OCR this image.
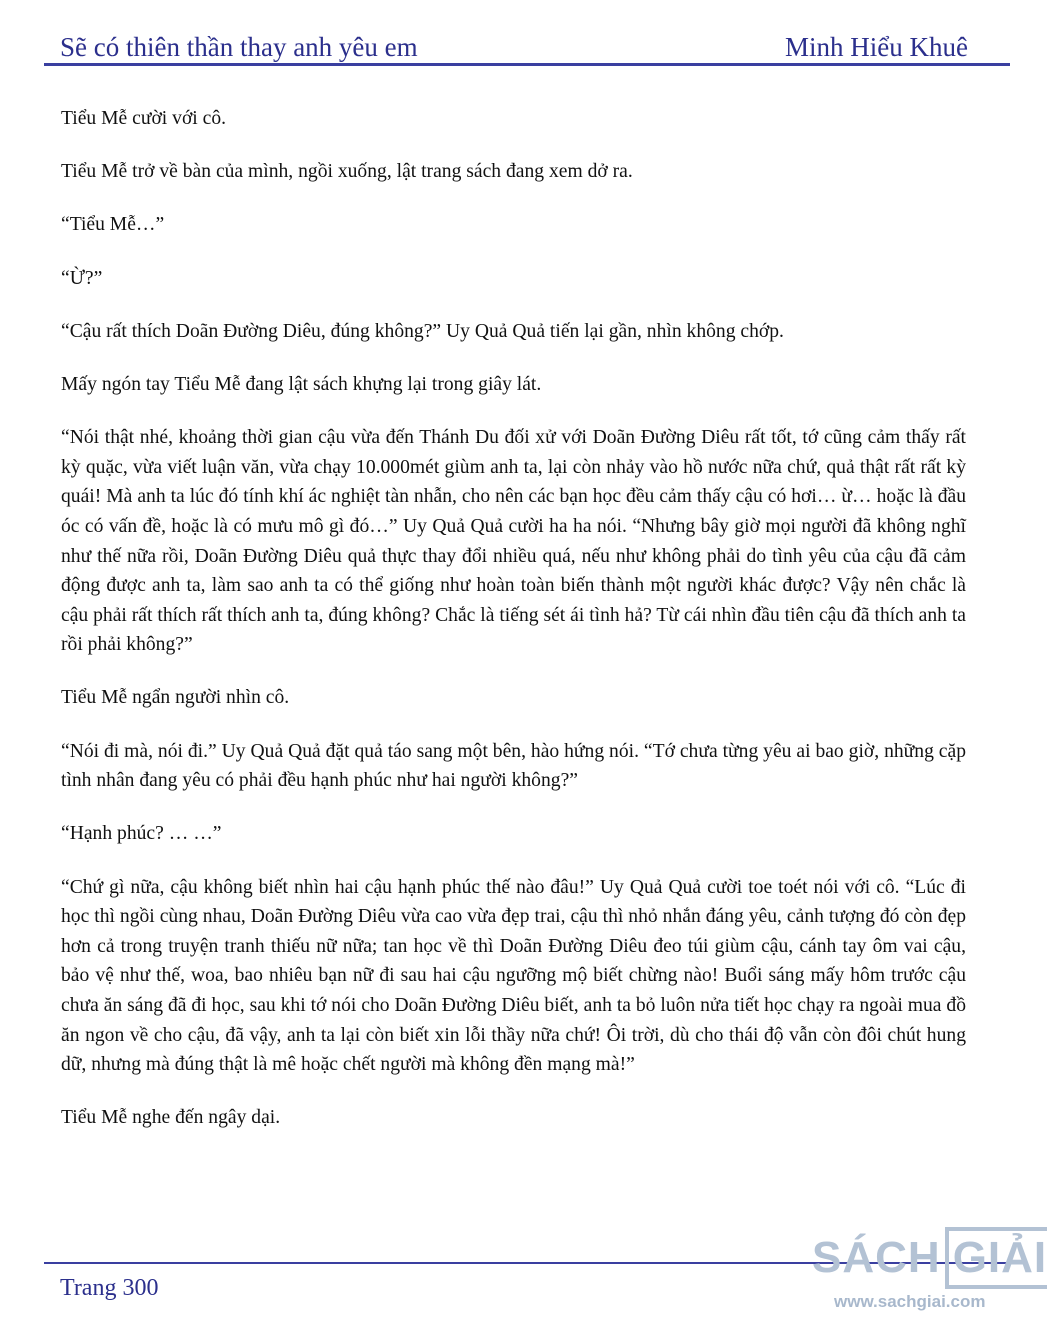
Sẽ có thiên thần thay anh yêu em	Minh Hiểu Khuê

Tiểu Mễ cười với cô.

Tiểu Mễ trở về bàn của mình, ngồi xuống, lật trang sách đang xem dở ra.

“Tiểu Mễ…”

“Ừ?”

“Cậu rất thích Doãn Đường Diêu, đúng không?” Uy Quả Quả tiến lại gần, nhìn không chớp.

Mấy ngón tay Tiểu Mễ đang lật sách khựng lại trong giây lát.

“Nói thật nhé, khoảng thời gian cậu vừa đến Thánh Du đối xử với Doãn Đường Diêu rất tốt, tớ cũng cảm thấy rất kỳ quặc, vừa viết luận văn, vừa chạy 10.000mét giùm anh ta, lại còn nhảy vào hồ nước nữa chứ, quả thật rất rất kỳ quái! Mà anh ta lúc đó tính khí ác nghiệt tàn nhẫn, cho nên các bạn học đều cảm thấy cậu có hơi… ừ… hoặc là đầu óc có vấn đề, hoặc là có mưu mô gì đó…” Uy Quả Quả cười ha ha nói. “Nhưng bây giờ mọi người đã không nghĩ như thế nữa rồi, Doãn Đường Diêu quả thực thay đổi nhiều quá, nếu như không phải do tình yêu của cậu đã cảm động được anh ta, làm sao anh ta có thể giống như hoàn toàn biến thành một người khác được? Vậy nên chắc là cậu phải rất thích rất thích anh ta, đúng không? Chắc là tiếng sét ái tình hả? Từ cái nhìn đầu tiên cậu đã thích anh ta rồi phải không?”

Tiểu Mễ ngẩn người nhìn cô.

“Nói đi mà, nói đi.” Uy Quả Quả đặt quả táo sang một bên, hào hứng nói. “Tớ chưa từng yêu ai bao giờ, những cặp tình nhân đang yêu có phải đều hạnh phúc như hai người không?”

“Hạnh phúc? … …”

“Chứ gì nữa, cậu không biết nhìn hai cậu hạnh phúc thế nào đâu!” Uy Quả Quả cười toe toét nói với cô. “Lúc đi học thì ngồi cùng nhau, Doãn Đường Diêu vừa cao vừa đẹp trai, cậu thì nhỏ nhắn đáng yêu, cảnh tượng đó còn đẹp hơn cả trong truyện tranh thiếu nữ nữa; tan học về thì Doãn Đường Diêu đeo túi giùm cậu, cánh tay ôm vai cậu, bảo vệ như thế, woa, bao nhiêu bạn nữ đi sau hai cậu ngưỡng mộ biết chừng nào! Buổi sáng mấy hôm trước cậu chưa ăn sáng đã đi học, sau khi tớ nói cho Doãn Đường Diêu biết, anh ta bỏ luôn nửa tiết học chạy ra ngoài mua đồ ăn ngon về cho cậu, đã vậy, anh ta lại còn biết xin lỗi thầy nữa chứ! Ôi trời, dù cho thái độ vẫn còn đôi chút hung dữ, nhưng mà đúng thật là mê hoặc chết người mà không đền mạng mà!”

Tiểu Mễ nghe đến ngây dại.

Trang 300
SÁCH GIẢI
www.sachgiai.com
